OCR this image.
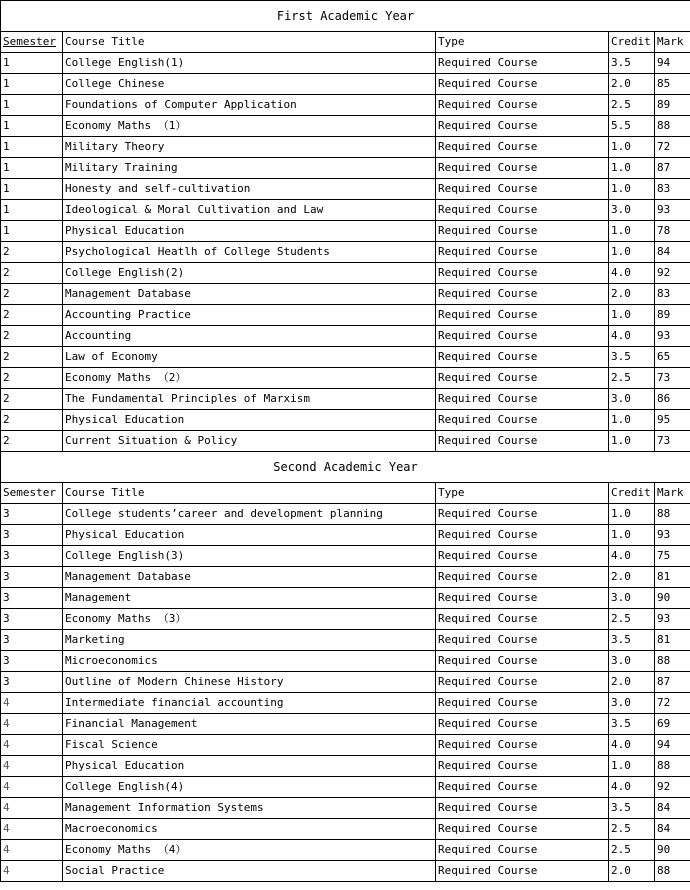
First Academic Year				
Semester	Course Title	Type	Credit	Mark
1	College English(1)	Required Course	3.5	94
1	College Chinese	Required Course	2.0	85
1	Foundations of Computer Application	Required Course	2.5	89
1	Economy Maths （1）	Required Course	5.5	88
1	Military Theory	Required Course	1.0	72
1	Military Training	Required Course	1.0	87
1	Honesty and self-cultivation	Required Course	1.0	83
1	Ideological & Moral Cultivation and Law	Required Course	3.0	93
1	Physical Education	Required Course	1.0	78
2	Psychological Heatlh of College Students	Required Course	1.0	84
2	College English(2)	Required Course	4.0	92
2	Management Database	Required Course	2.0	83
2	Accounting Practice	Required Course	1.0	89
2	Accounting	Required Course	4.0	93
2	Law of Economy	Required Course	3.5	65
2	Economy Maths （2）	Required Course	2.5	73
2	The Fundamental Principles of Marxism	Required Course	3.0	86
2	Physical Education	Required Course	1.0	95
2	Current Situation & Policy	Required Course	1.0	73
Second Academic Year				
Semester	Course Title	Type	Credit	Mark
3	College students’career and development planning	Required Course	1.0	88
3	Physical Education	Required Course	1.0	93
3	College English(3)	Required Course	4.0	75
3	Management Database	Required Course	2.0	81
3	Management	Required Course	3.0	90
3	Economy Maths （3）	Required Course	2.5	93
3	Marketing	Required Course	3.5	81
3	Microeconomics	Required Course	3.0	88
3	Outline of Modern Chinese History	Required Course	2.0	87
4	Intermediate financial accounting	Required Course	3.0	72
4	Financial Management	Required Course	3.5	69
4	Fiscal Science	Required Course	4.0	94
4	Physical Education	Required Course	1.0	88
4	College English(4)	Required Course	4.0	92
4	Management Information Systems	Required Course	3.5	84
4	Macroeconomics	Required Course	2.5	84
4	Economy Maths （4）	Required Course	2.5	90
4	Social Practice	Required Course	2.0	88
